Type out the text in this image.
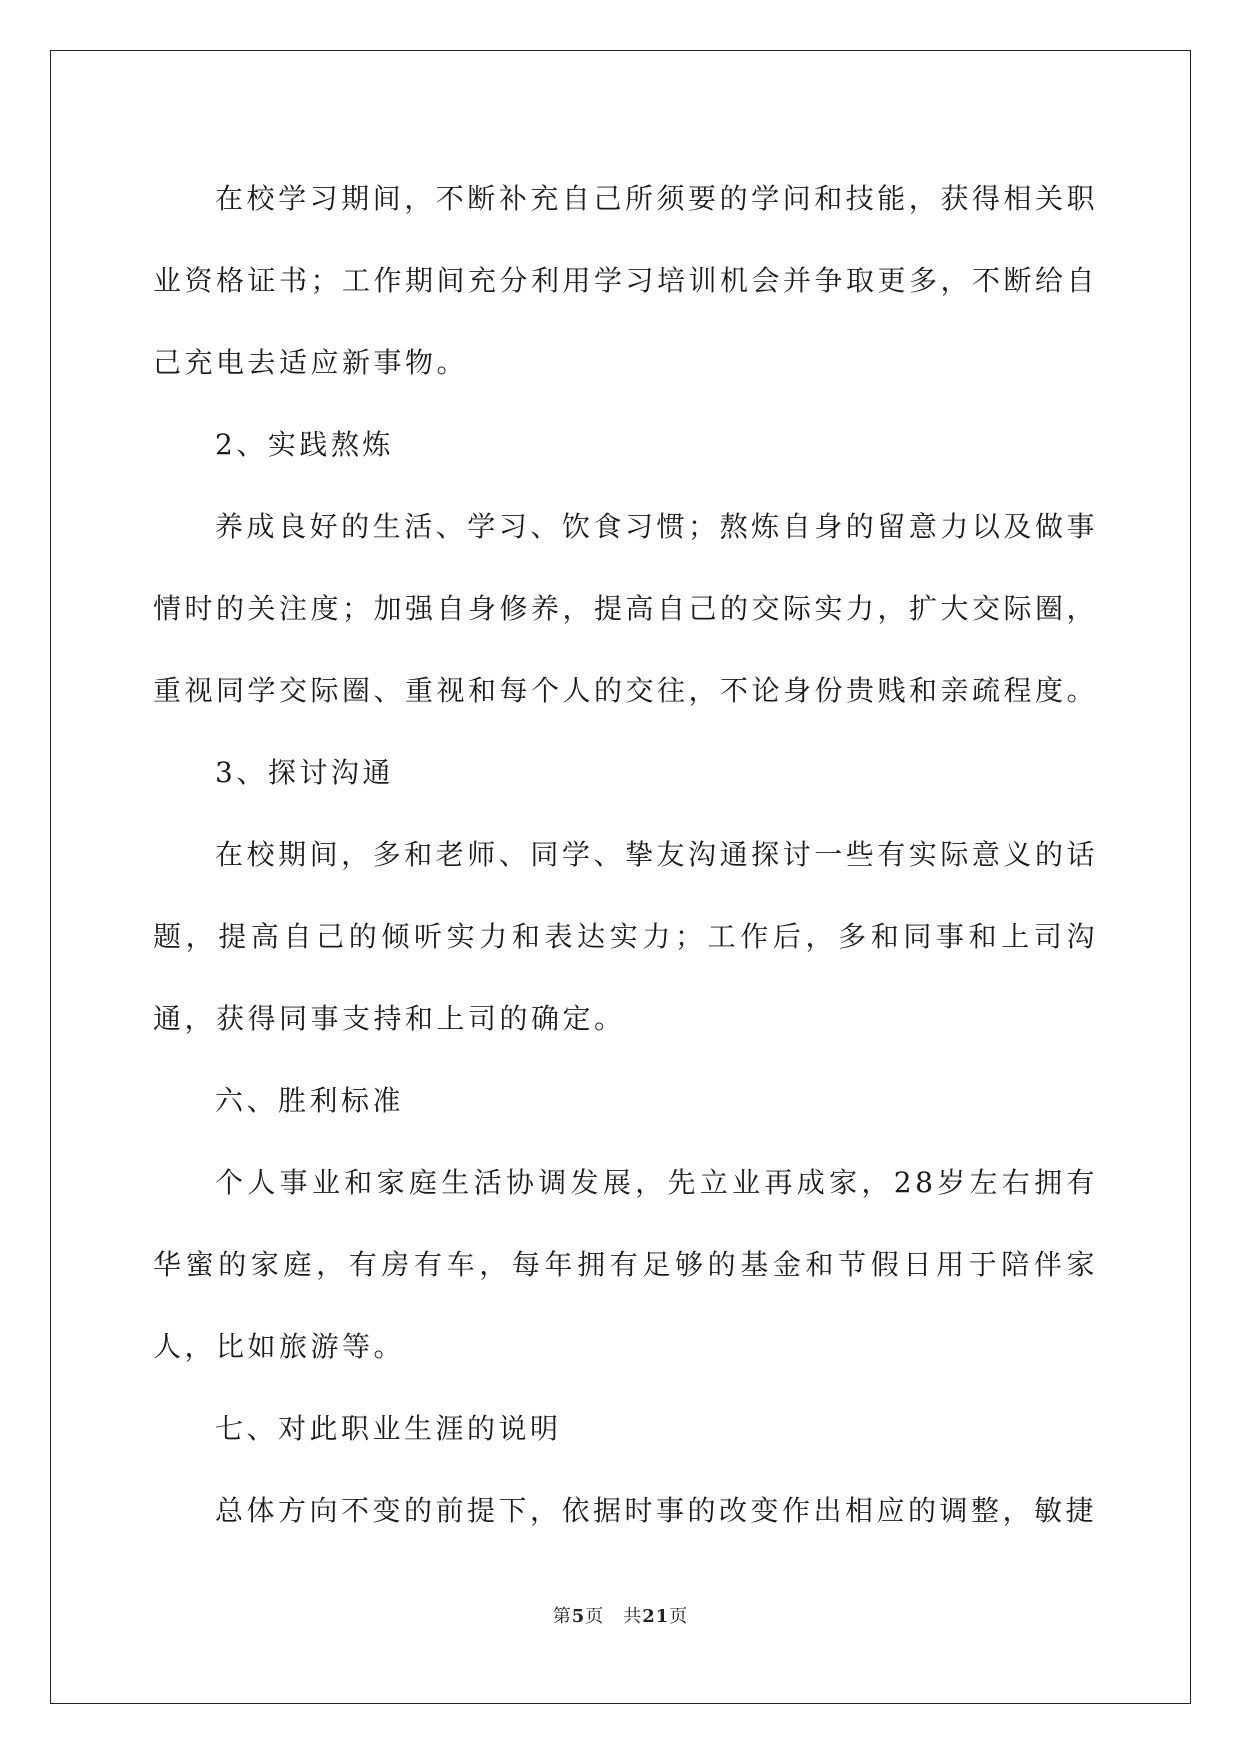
在校学习期间，不断补充自己所须要的学问和技能，获得相关职业资格证书；工作期间充分利用学习培训机会并争取更多，不断给自己充电去适应新事物。

2、实践熬炼

养成良好的生活、学习、饮食习惯；熬炼自身的留意力以及做事情时的关注度；加强自身修养，提高自己的交际实力，扩大交际圈，重视同学交际圈、重视和每个人的交往，不论身份贵贱和亲疏程度。

3、探讨沟通

在校期间，多和老师、同学、挚友沟通探讨一些有实际意义的话题，提高自己的倾听实力和表达实力；工作后，多和同事和上司沟通，获得同事支持和上司的确定。

六、胜利标准

个人事业和家庭生活协调发展，先立业再成家，28岁左右拥有华蜜的家庭，有房有车，每年拥有足够的基金和节假日用于陪伴家人，比如旅游等。

七、对此职业生涯的说明

总体方向不变的前提下，依据时事的改变作出相应的调整，敏捷

第5页　共21页
